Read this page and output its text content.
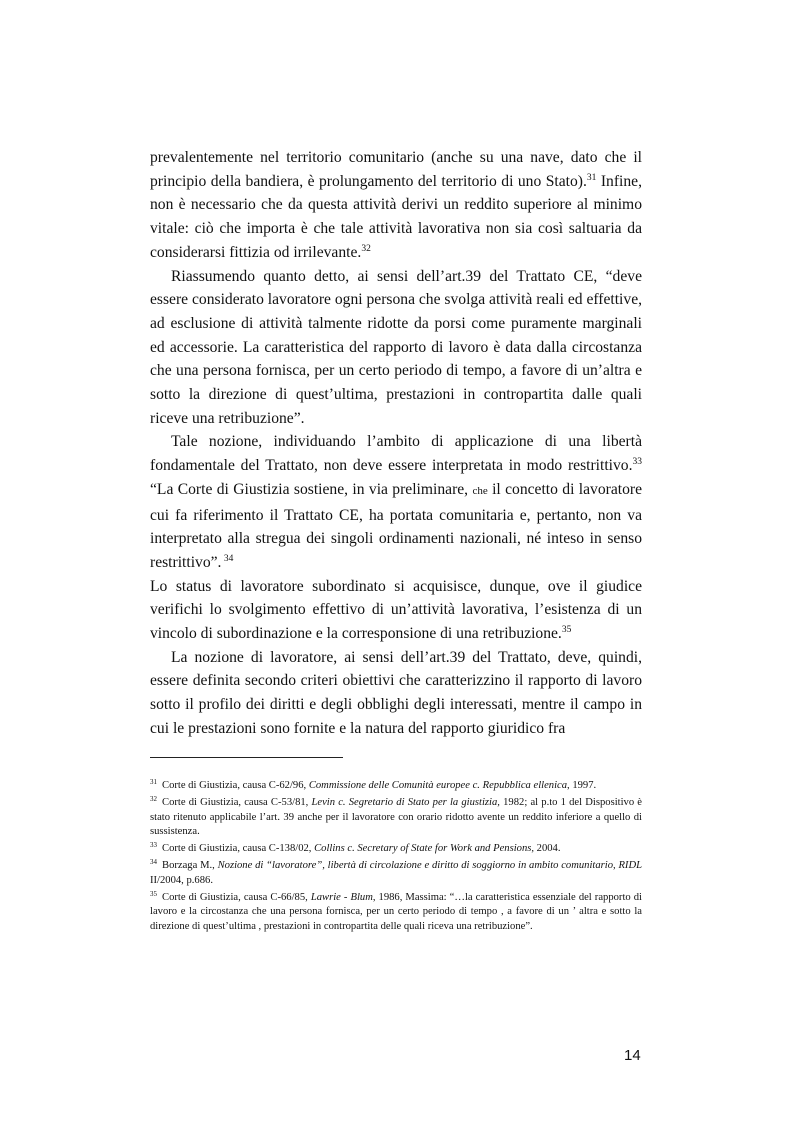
prevalentemente nel territorio comunitario (anche su una nave, dato che il principio della bandiera, è prolungamento del territorio di uno Stato).$^{31}$ Infine, non è necessario che da questa attività derivi un reddito superiore al minimo vitale: ciò che importa è che tale attività lavorativa non sia così saltuaria da considerarsi fittizia od irrilevante.$^{32}$

Riassumendo quanto detto, ai sensi dell’art.39 del Trattato CE, “deve essere considerato lavoratore ogni persona che svolga attività reali ed effettive, ad esclusione di attività talmente ridotte da porsi come puramente marginali ed accessorie. La caratteristica del rapporto di lavoro è data dalla circostanza che una persona fornisca, per un certo periodo di tempo, a favore di un’altra e sotto la direzione di quest’ultima, prestazioni in contropartita dalle quali riceve una retribuzione”.

Tale nozione, individuando l’ambito di applicazione di una libertà fondamentale del Trattato, non deve essere interpretata in modo restrittivo.$^{33}$ “La Corte di Giustizia sostiene, in via preliminare, che il concetto di lavoratore cui fa riferimento il Trattato CE, ha portata comunitaria e, pertanto, non va interpretato alla stregua dei singoli ordinamenti nazionali, né inteso in senso restrittivo”. $^{34}$

Lo status di lavoratore subordinato si acquisisce, dunque, ove il giudice verifichi lo svolgimento effettivo di un’attività lavorativa, l’esistenza di un vincolo di subordinazione e la corresponsione di una retribuzione.$^{35}$

La nozione di lavoratore, ai sensi dell’art.39 del Trattato, deve, quindi, essere definita secondo criteri obiettivi che caratterizzino il rapporto di lavoro sotto il profilo dei diritti e degli obblighi degli interessati, mentre il campo in cui le prestazioni sono fornite e la natura del rapporto giuridico fra

$^{31}$ Corte di Giustizia, causa C-62/96, Commissione delle Comunità europee c. Repubblica ellenica, 1997.

$^{32}$ Corte di Giustizia, causa C-53/81, Levin c. Segretario di Stato per la giustizia, 1982; al p.to 1 del Dispositivo è stato ritenuto applicabile l’art. 39 anche per il lavoratore con orario ridotto avente un reddito inferiore a quello di sussistenza.

$^{33}$ Corte di Giustizia, causa C-138/02, Collins c. Secretary of State for Work and Pensions, 2004.

$^{34}$ Borzaga M., Nozione di “lavoratore”, libertà di circolazione e diritto di soggiorno in ambito comunitario, RIDL II/2004, p.686.

$^{35}$ Corte di Giustizia, causa C-66/85, Lawrie - Blum, 1986, Massima: “…la caratteristica essenziale del rapporto di lavoro e la circostanza che una persona fornisca, per un certo periodo di tempo , a favore di un ’ altra e sotto la direzione di quest’ultima , prestazioni in contropartita delle quali riceva una retribuzione”.

14
